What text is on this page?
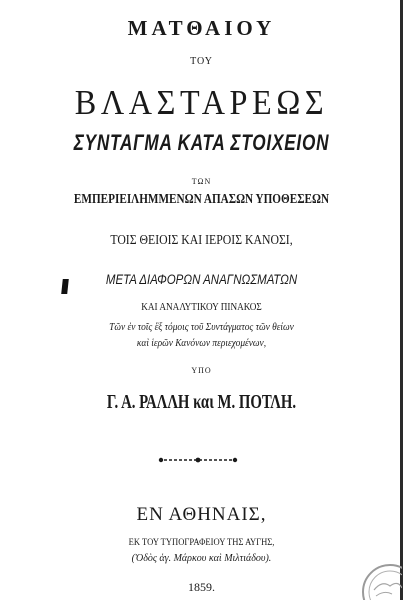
ΜΑΤΘΑΙΟΥ
ΤΟΥ
ΒΛΑΣΤΑΡΕΩΣ
ΣΥΝΤΑΓΜΑ ΚΑΤΑ ΣΤΟΙΧΕΙΟΝ
ΤΩΝ
ΕΜΠΕΡΙΕΙΛΗΜΜΕΝΩΝ ΑΠΑΣΩΝ ΥΠΟΘΕΣΕΩΝ
ΤΟΙΣ ΘΕΙΟΙΣ ΚΑΙ ΙΕΡΟΙΣ ΚΑΝΟΣΙ,
ΜΕΤΑ ΔΙΑΦΟΡΩΝ ΑΝΑΓΝΩΣΜΑΤΩΝ
ΚΑΙ ΑΝΑΛΥΤΙΚΟΥ ΠΙΝΑΚΟΣ
Τῶν ἐν τοῖς ἓξ τόμοις τοῦ Συντάγματος τῶν θείων
καὶ ἱερῶν Κανόνων περιεχομένων,
ΥΠΟ
Γ. Α. ΡΑΛΛΗ και Μ. ΠΟΤΛΗ.
ΕΝ ΑΘΗΝΑΙΣ,
ΕΚ ΤΟΥ ΤΥΠΟΓΡΑΦΕΙΟΥ ΤΗΣ ΑΥΓΗΣ,
(Ὁδὸς ἁγ. Μάρκου καὶ Μιλτιάδου).
1859.
